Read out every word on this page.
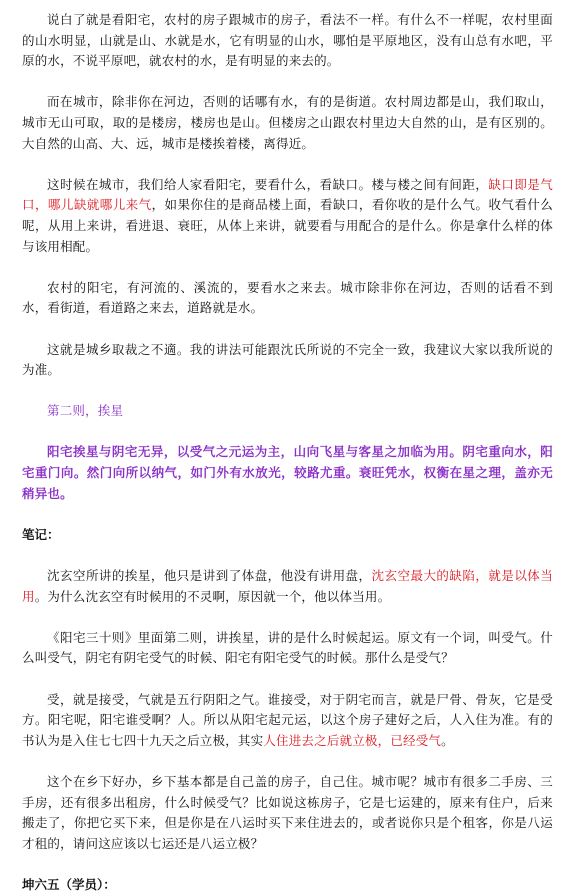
说白了就是看阳宅，农村的房子跟城市的房子，看法不一样。有什么不一样呢，农村里面的山水明显，山就是山、水就是水，它有明显的山水，哪怕是平原地区，没有山总有水吧，平原的水，不说平原吧，就农村的水，是有明显的来去的。

而在城市，除非你在河边，否则的话哪有水，有的是街道。农村周边都是山，我们取山，城市无山可取，取的是楼房，楼房也是山。但楼房之山跟农村里边大自然的山，是有区别的。大自然的山高、大、远，城市是楼挨着楼，离得近。

这时候在城市，我们给人家看阳宅，要看什么，看缺口。楼与楼之间有间距，缺口即是气口，哪儿缺就哪儿来气，如果你住的是商品楼上面，看缺口，看你收的是什么气。收气看什么呢，从用上来讲，看进退、衰旺，从体上来讲，就要看与用配合的是什么。你是拿什么样的体与该用相配。

农村的阳宅，有河流的、溪流的，要看水之来去。城市除非你在河边，否则的话看不到水，看街道，看道路之来去，道路就是水。

这就是城乡取裁之不適。我的讲法可能跟沈氏所说的不完全一致，我建议大家以我所说的为准。

第二则，挨星

阳宅挨星与阴宅无异，以受气之元运为主，山向飞星与客星之加临为用。阴宅重向水，阳宅重门向。然门向所以纳气，如门外有水放光，较路尤重。衰旺凭水，权衡在星之理，盖亦无稍异也。

笔记：

沈玄空所讲的挨星，他只是讲到了体盘，他没有讲用盘，沈玄空最大的缺陷，就是以体当用。为什么沈玄空有时候用的不灵啊，原因就一个，他以体当用。

《阳宅三十则》里面第二则，讲挨星，讲的是什么时候起运。原文有一个词，叫受气。什么叫受气，阴宅有阴宅受气的时候、阳宅有阳宅受气的时候。那什么是受气？

受，就是接受，气就是五行阴阳之气。谁接受，对于阴宅而言，就是尸骨、骨灰，它是受方。阳宅呢，阳宅谁受啊？人。所以从阳宅起元运，以这个房子建好之后，人入住为准。有的书认为是入住七七四十九天之后立极，其实人住进去之后就立极，已经受气。

这个在乡下好办，乡下基本都是自己盖的房子，自己住。城市呢？城市有很多二手房、三手房，还有很多出租房，什么时候受气？比如说这栋房子，它是七运建的，原来有住户，后来搬走了，你把它买下来，但是你是在八运时买下来住进去的，或者说你只是个租客，你是八运才租的，请问这应该以七运还是八运立极？

坤六五（学员）：
